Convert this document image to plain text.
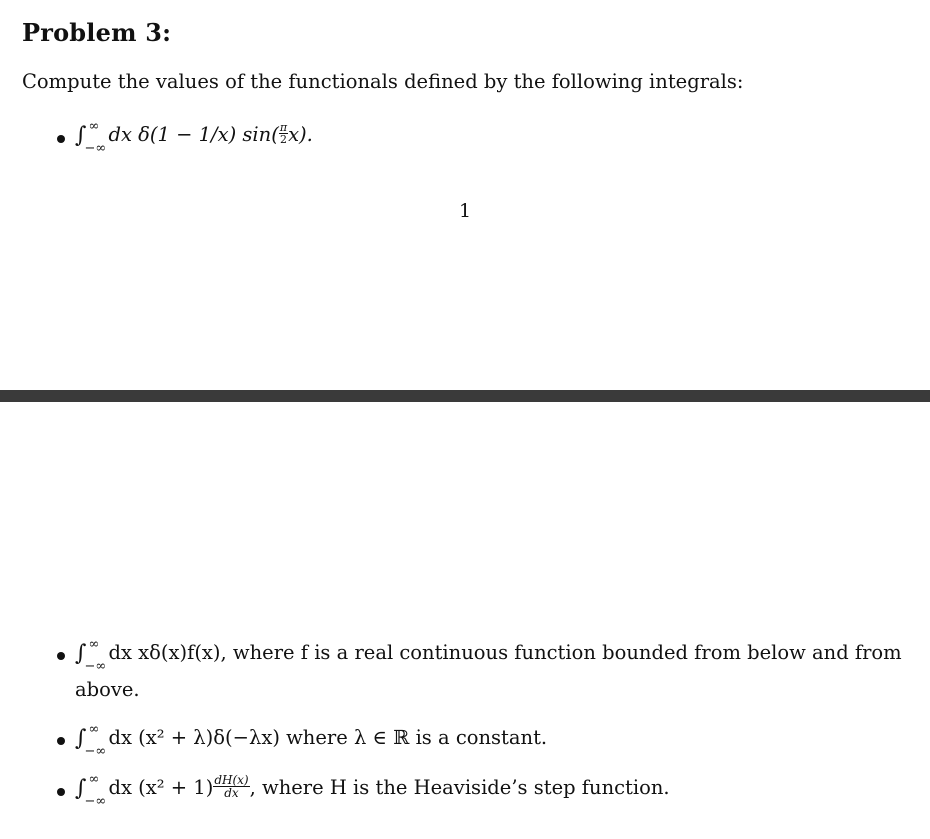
Problem 3:
Compute the values of the functionals defined by the following integrals:
∫ ∞
−∞
dx δ(1 − 1/x) $\sin( \frac{\pi}{2} x)$.
1
∫ ∞
−∞
dx xδ(x)f(x), where f is a real continuous function bounded from below and from
above.
∫ ∞
−∞
dx (x² + λ)δ(−λx) where λ ∈ ℝ is a constant.
∫ ∞
−∞
dx $(x^2 + 1) \frac{dH(x)}{dx}$ , where H is the Heaviside’s step function.
